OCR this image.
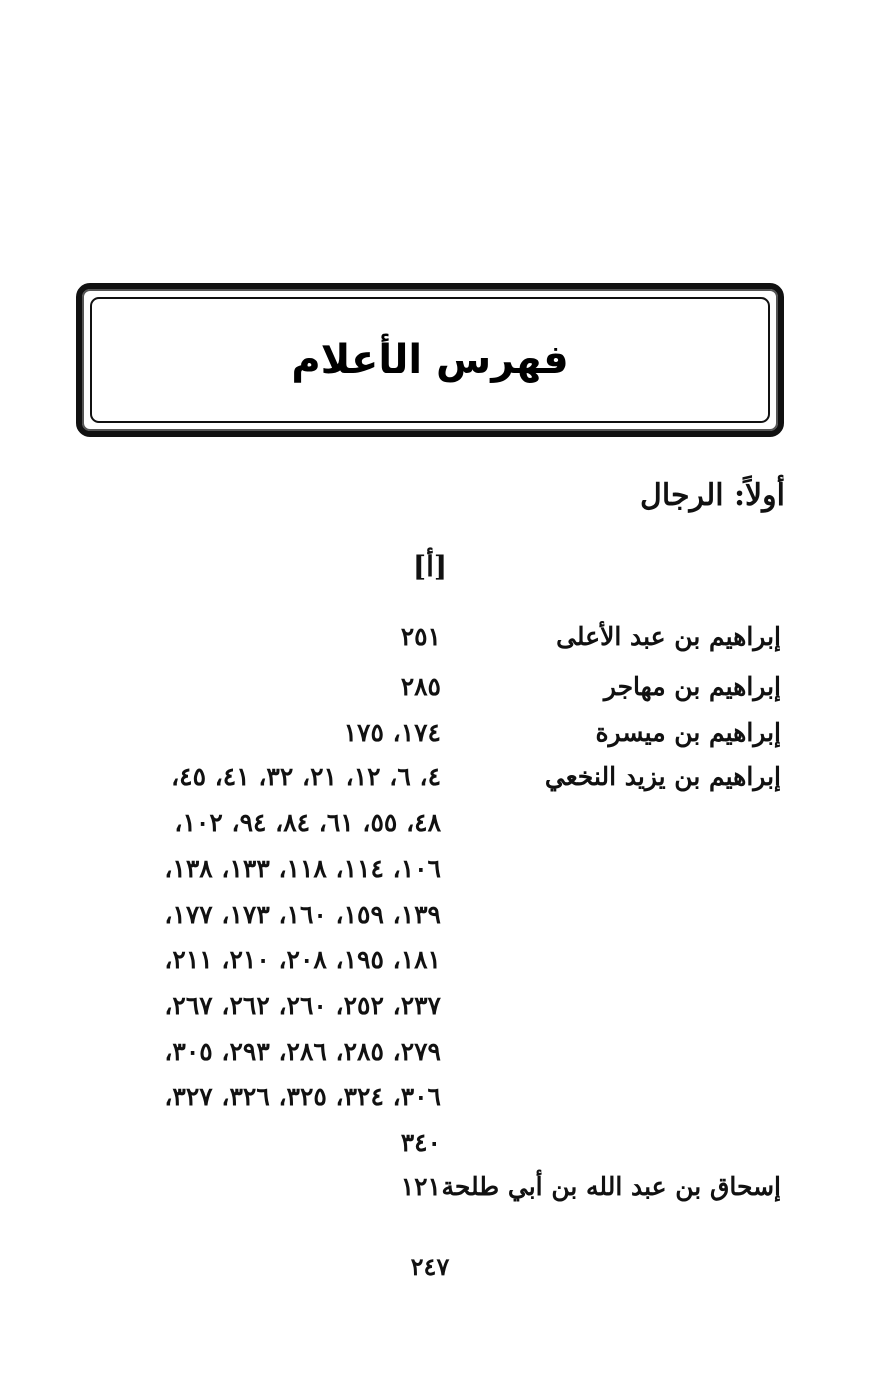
فهرس الأعلام
أولاً: الرجال
[أ]
إبراهيم بن عبد الأعلى
٢٥١
إبراهيم بن مهاجر
٢٨٥
إبراهيم بن ميسرة
١٧٤، ١٧٥
إبراهيم بن يزيد النخعي
٤، ٦، ١٢، ٢١، ٣٢، ٤١، ٤٥،
٤٨، ٥٥، ٦١، ٨٤، ٩٤، ١٠٢،
١٠٦، ١١٤، ١١٨، ١٣٣، ١٣٨،
١٣٩، ١٥٩، ١٦٠، ١٧٣، ١٧٧،
١٨١، ١٩٥، ٢٠٨، ٢١٠، ٢١١،
٢٣٧، ٢٥٢، ٢٦٠، ٢٦٢، ٢٦٧،
٢٧٩، ٢٨٥، ٢٨٦، ٢٩٣، ٣٠٥،
٣٠٦، ٣٢٤، ٣٢٥، ٣٢٦، ٣٢٧،
٣٤٠
إسحاق بن عبد الله بن أبي طلحة
١٢١
٢٤٧
